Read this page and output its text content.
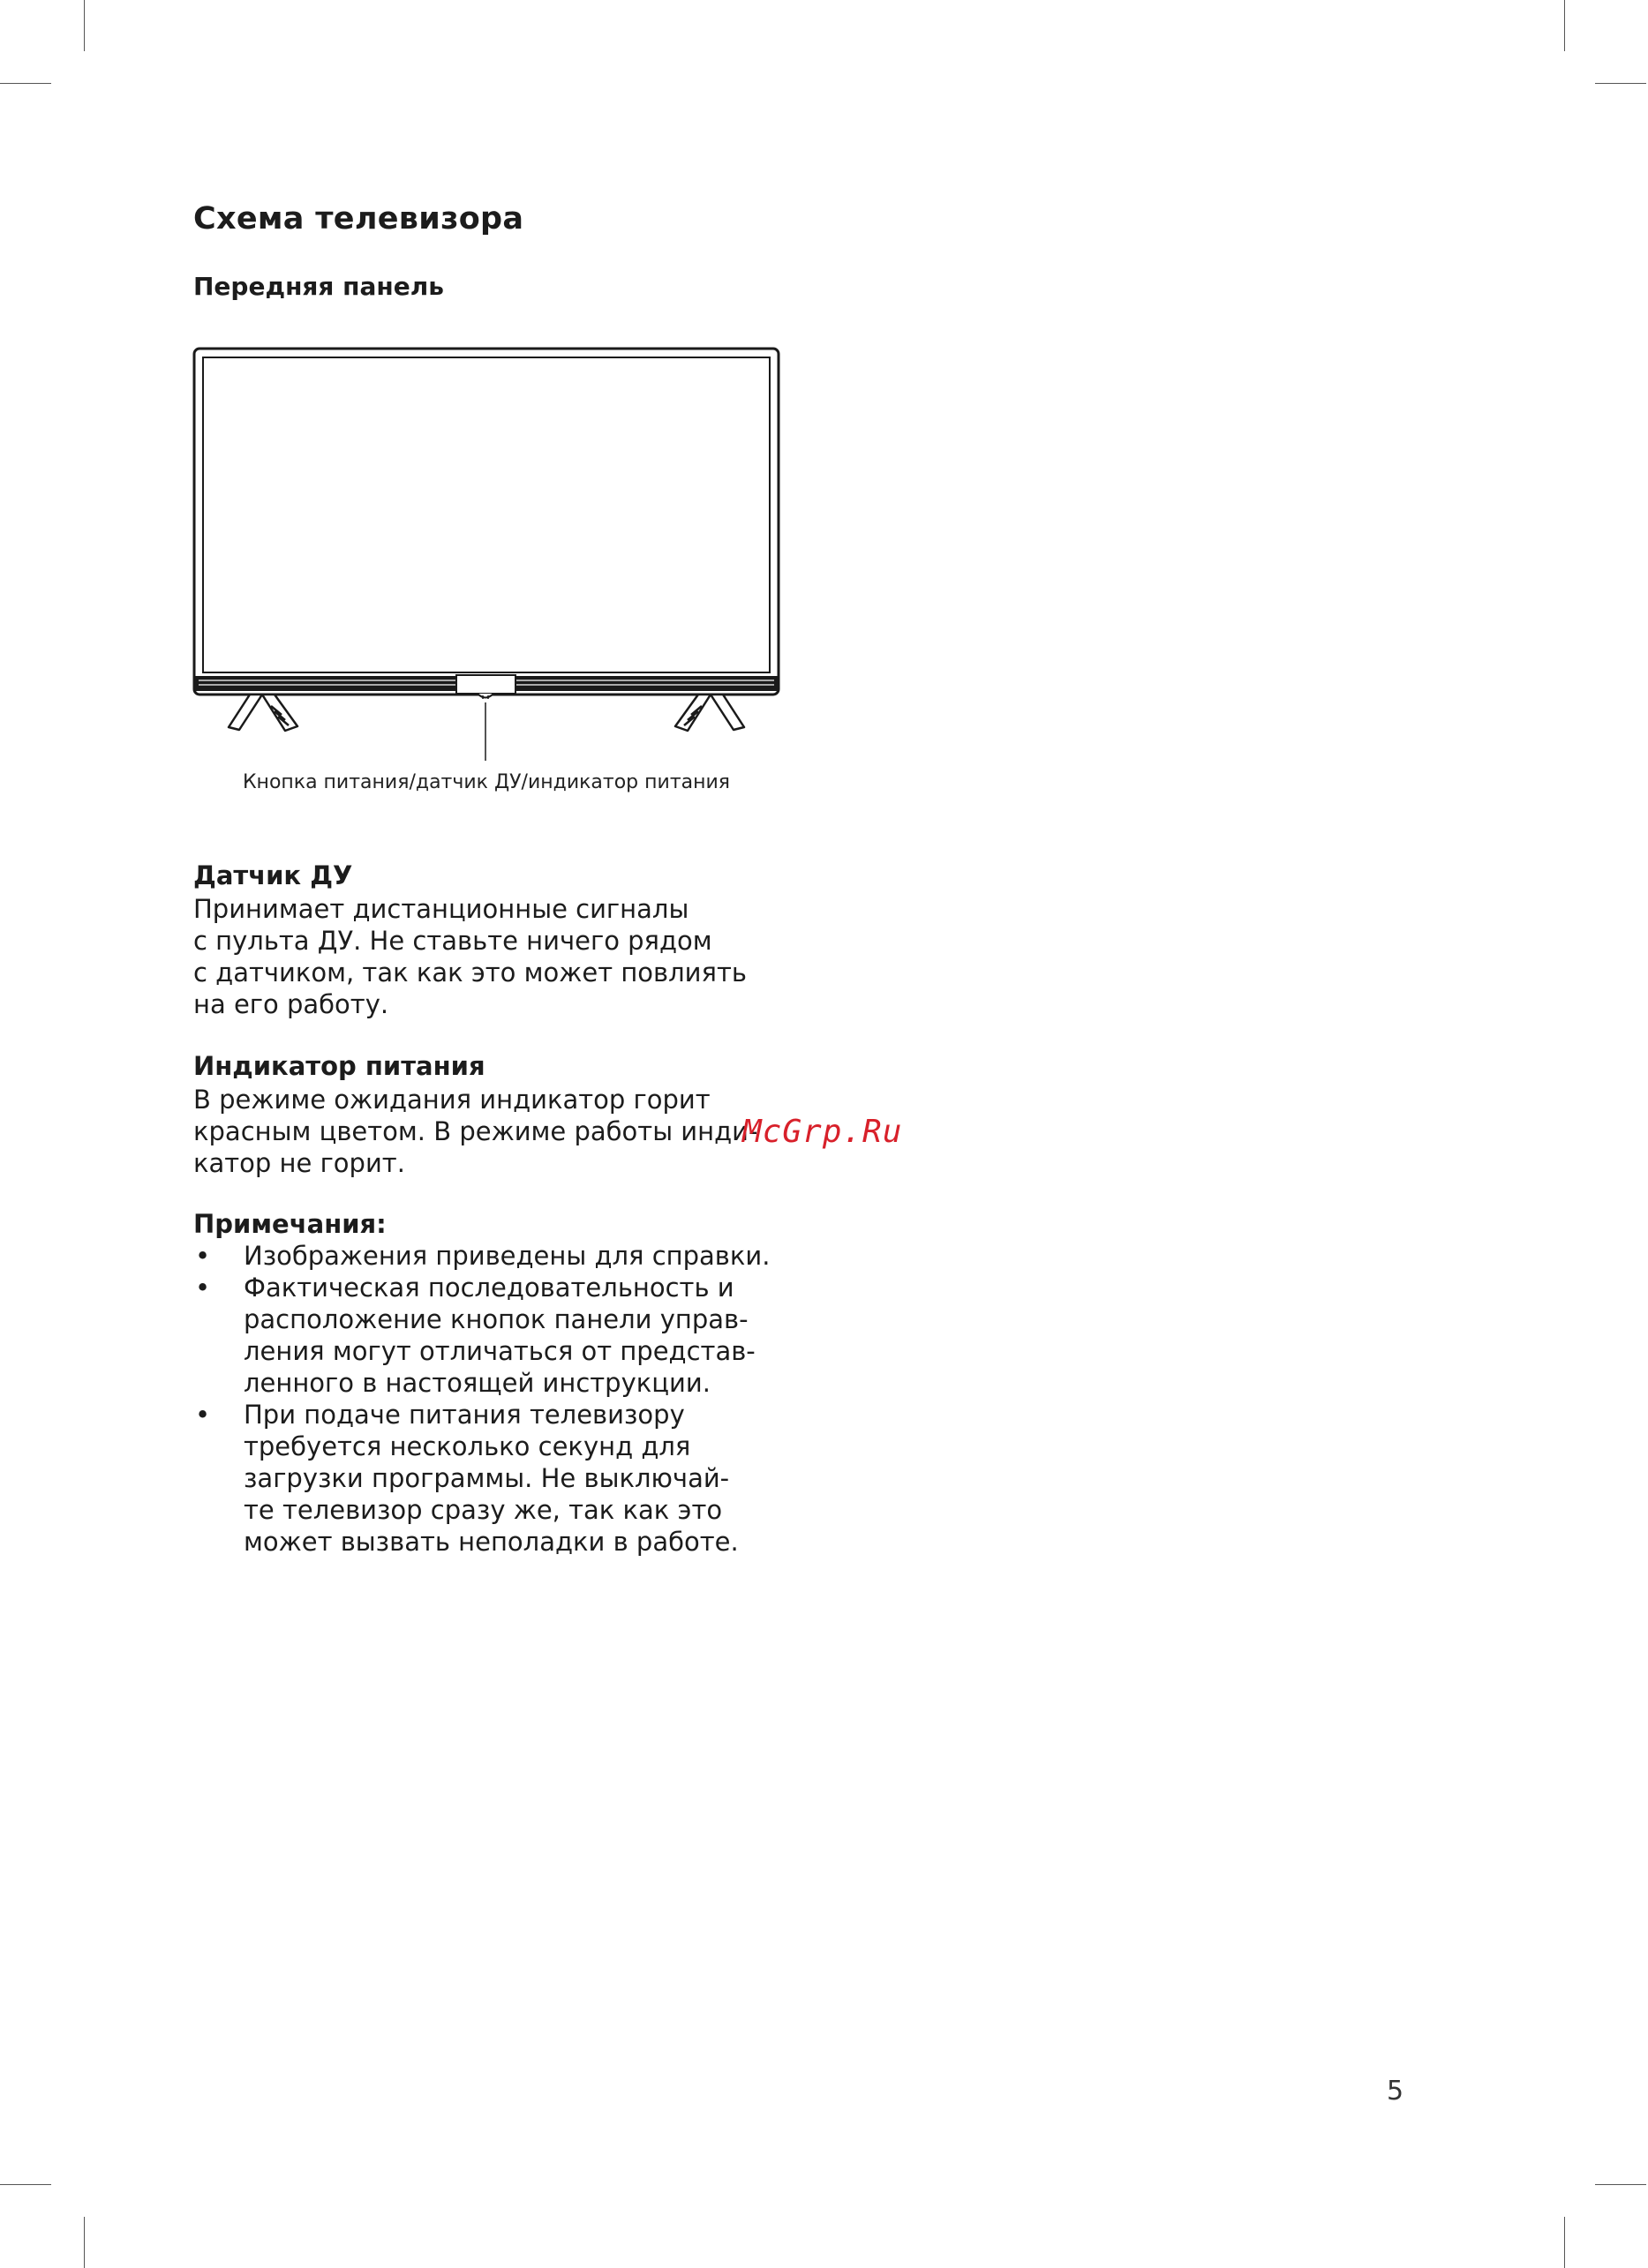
Схема телевизора
Передняя панель
Кнопка питания/датчик ДУ/индикатор питания
Датчик ДУ
Принимает дистанционные сигналы
с пульта ДУ. Не ставьте ничего рядом
с датчиком, так как это может повлиять
на его работу.
Индикатор питания
В режиме ожидания индикатор горит
красным цветом. В режиме работы инди-
катор не горит.
Примечания:
• Изображения приведены для справки.
• Фактическая последовательность и
расположение кнопок панели управ-
ления могут отличаться от представ-
ленного в настоящей инструкции.
• При подаче питания телевизору
требуется несколько секунд для
загрузки программы. Не выключай-
те телевизор сразу же, так как это
может вызвать неполадки в работе.
McGrp.Ru
5
